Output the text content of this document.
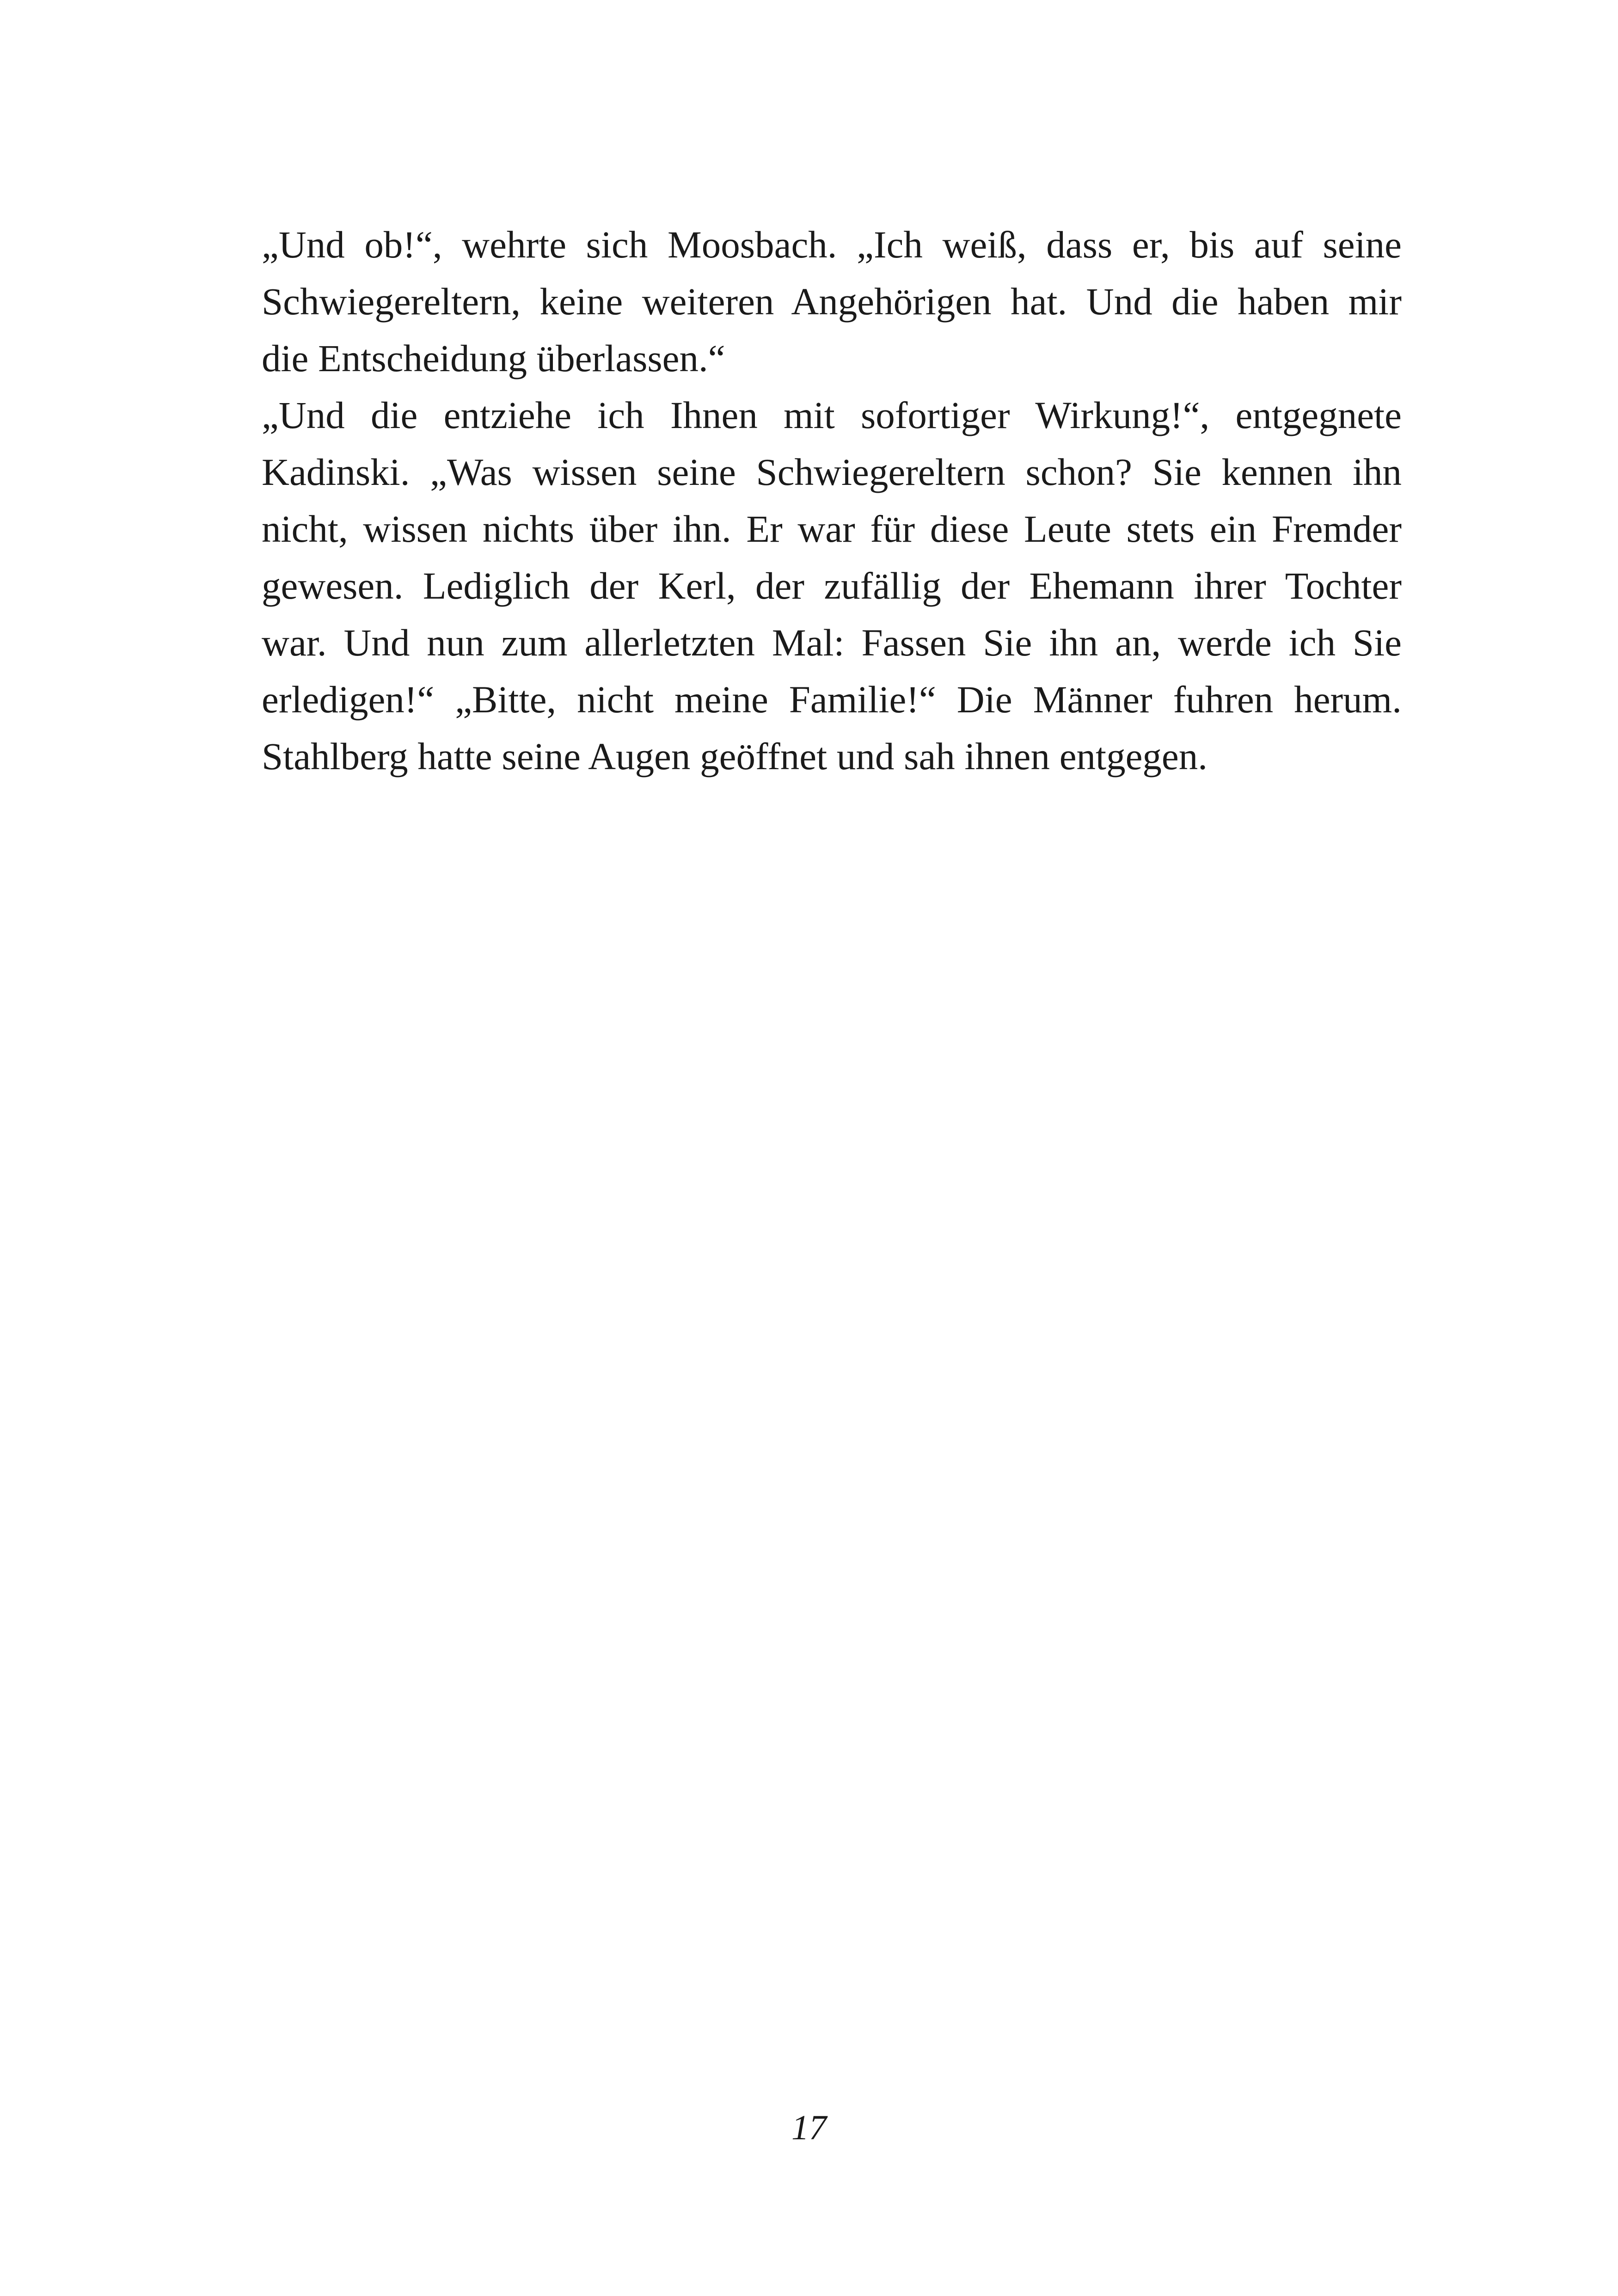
„Und ob!“, wehrte sich Moosbach. „Ich weiß, dass er, bis auf seine
Schwiegereltern, keine weiteren Angehörigen hat. Und die haben mir
die Entscheidung überlassen.“

„Und die entziehe ich Ihnen mit sofortiger Wirkung!“, entgegnete
Kadinski. „Was wissen seine Schwiegereltern schon? Sie kennen ihn
nicht, wissen nichts über ihn. Er war für diese Leute stets ein Fremder
gewesen. Lediglich der Kerl, der zufällig der Ehemann ihrer Tochter
war. Und nun zum allerletzten Mal: Fassen Sie ihn an, werde ich Sie
erledigen!“ „Bitte, nicht meine Familie!“ Die Männer fuhren herum.
Stahlberg hatte seine Augen geöffnet und sah ihnen entgegen.

17
